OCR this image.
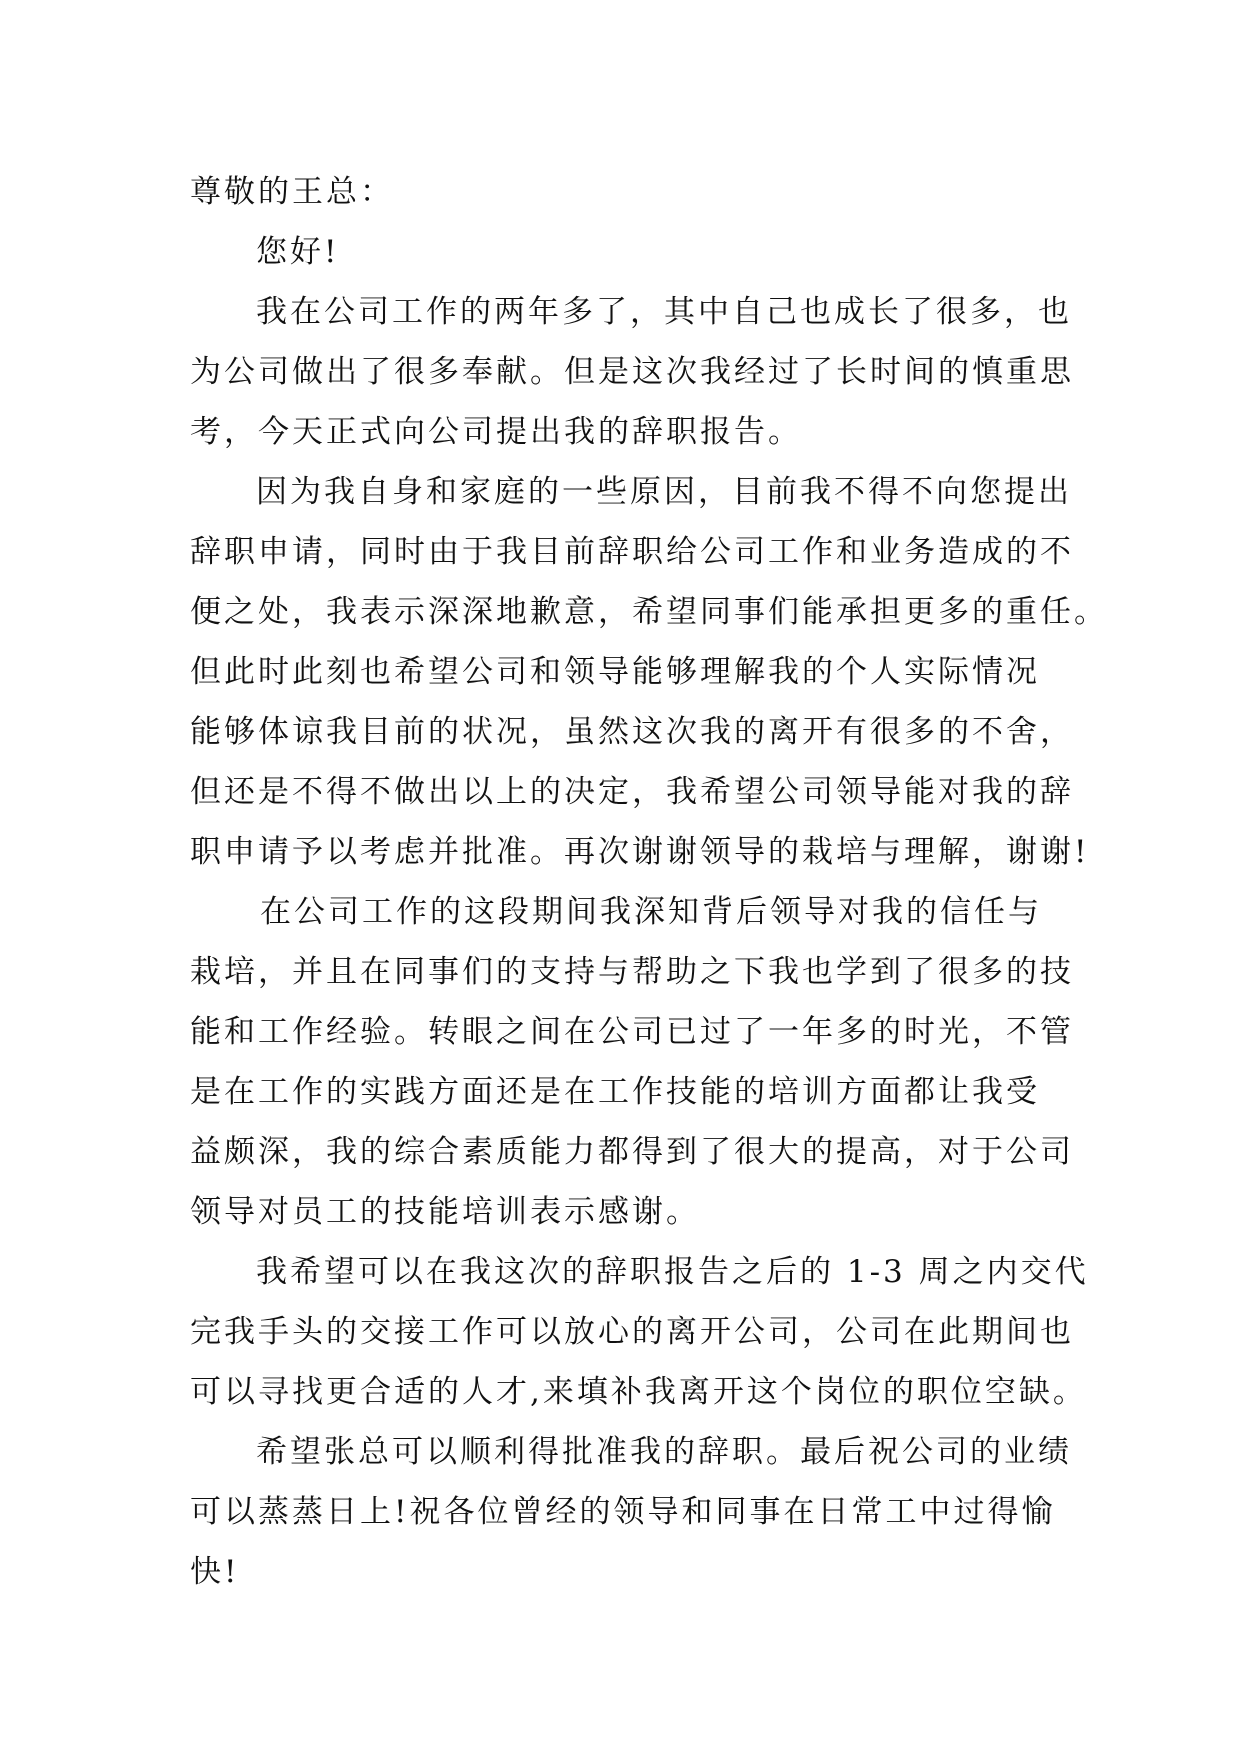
尊敬的王总：
您好!
我在公司工作的两年多了，其中自己也成长了很多，也
为公司做出了很多奉献。但是这次我经过了长时间的慎重思
考，今天正式向公司提出我的辞职报告。
因为我自身和家庭的一些原因，目前我不得不向您提出
辞职申请，同时由于我目前辞职给公司工作和业务造成的不
便之处，我表示深深地歉意，希望同事们能承担更多的重任。
但此时此刻也希望公司和领导能够理解我的个人实际情况
能够体谅我目前的状况，虽然这次我的离开有很多的不舍，
但还是不得不做出以上的决定，我希望公司领导能对我的辞
职申请予以考虑并批准。再次谢谢领导的栽培与理解，谢谢!
在公司工作的这段期间我深知背后领导对我的信任与
栽培，并且在同事们的支持与帮助之下我也学到了很多的技
能和工作经验。转眼之间在公司已过了一年多的时光，不管
是在工作的实践方面还是在工作技能的培训方面都让我受
益颇深，我的综合素质能力都得到了很大的提高，对于公司
领导对员工的技能培训表示感谢。
我希望可以在我这次的辞职报告之后的 1-3 周之内交代
完我手头的交接工作可以放心的离开公司，公司在此期间也
可以寻找更合适的人才,来填补我离开这个岗位的职位空缺。
希望张总可以顺利得批准我的辞职。最后祝公司的业绩
可以蒸蒸日上!祝各位曾经的领导和同事在日常工中过得愉
快!
